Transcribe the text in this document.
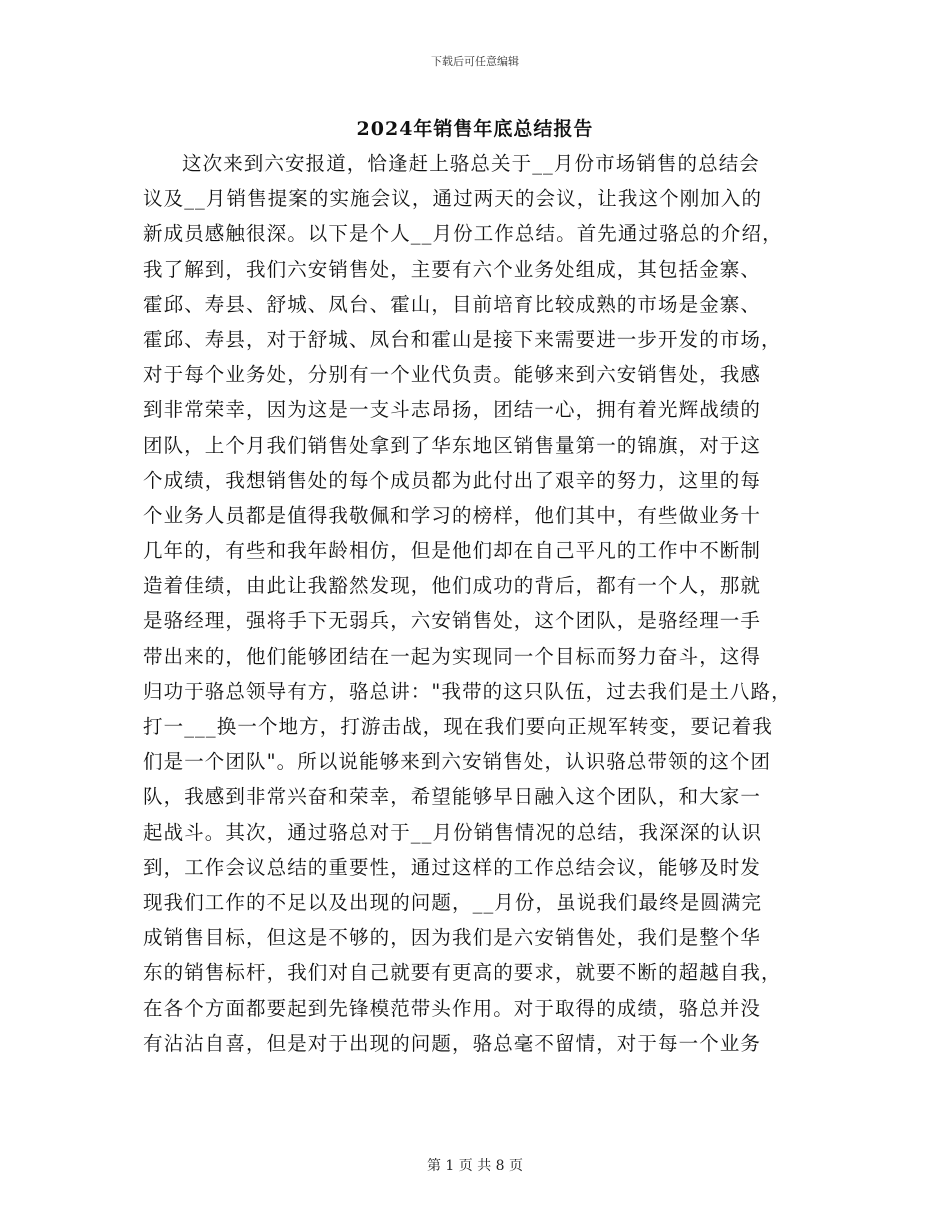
下载后可任意编辑
2024年销售年底总结报告
这次来到六安报道，恰逢赶上骆总关于__月份市场销售的总结会
议及__月销售提案的实施会议，通过两天的会议，让我这个刚加入的
新成员感触很深。以下是个人__月份工作总结。首先通过骆总的介绍，
我了解到，我们六安销售处，主要有六个业务处组成，其包括金寨、
霍邱、寿县、舒城、凤台、霍山，目前培育比较成熟的市场是金寨、
霍邱、寿县，对于舒城、凤台和霍山是接下来需要进一步开发的市场，
对于每个业务处，分别有一个业代负责。能够来到六安销售处，我感
到非常荣幸，因为这是一支斗志昂扬，团结一心，拥有着光辉战绩的
团队，上个月我们销售处拿到了华东地区销售量第一的锦旗，对于这
个成绩，我想销售处的每个成员都为此付出了艰辛的努力，这里的每
个业务人员都是值得我敬佩和学习的榜样，他们其中，有些做业务十
几年的，有些和我年龄相仿，但是他们却在自己平凡的工作中不断制
造着佳绩，由此让我豁然发现，他们成功的背后，都有一个人，那就
是骆经理，强将手下无弱兵，六安销售处，这个团队，是骆经理一手
带出来的，他们能够团结在一起为实现同一个目标而努力奋斗，这得
归功于骆总领导有方，骆总讲："我带的这只队伍，过去我们是土八路，
打一___换一个地方，打游击战，现在我们要向正规军转变，要记着我
们是一个团队"。所以说能够来到六安销售处，认识骆总带领的这个团
队，我感到非常兴奋和荣幸，希望能够早日融入这个团队，和大家一
起战斗。其次，通过骆总对于__月份销售情况的总结，我深深的认识
到，工作会议总结的重要性，通过这样的工作总结会议，能够及时发
现我们工作的不足以及出现的问题，__月份，虽说我们最终是圆满完
成销售目标，但这是不够的，因为我们是六安销售处，我们是整个华
东的销售标杆，我们对自己就要有更高的要求，就要不断的超越自我，
在各个方面都要起到先锋模范带头作用。对于取得的成绩，骆总并没
有沾沾自喜，但是对于出现的问题，骆总毫不留情，对于每一个业务
第 1 页 共 8 页
